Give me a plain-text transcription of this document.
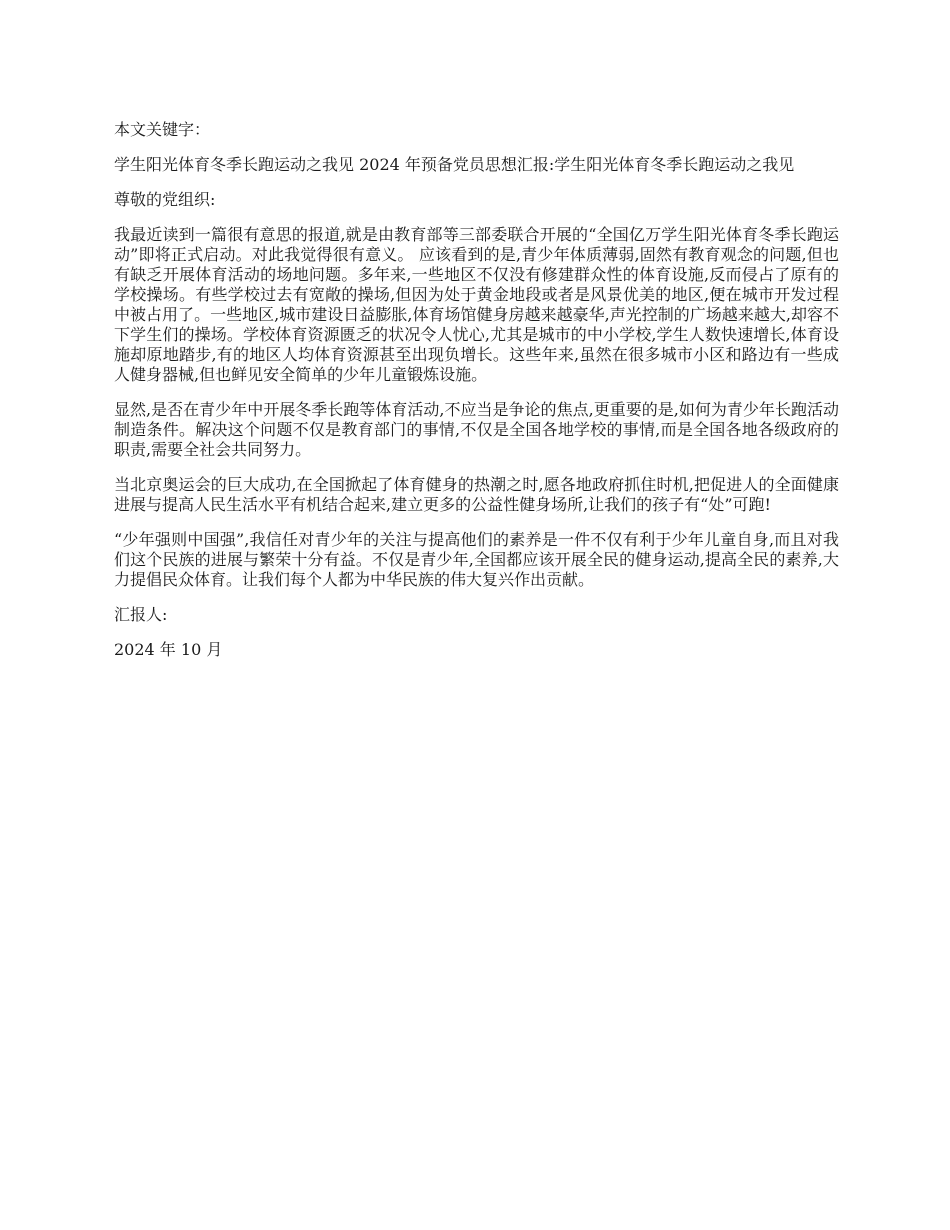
本文关键字：

学生阳光体育冬季长跑运动之我见 2024 年预备党员思想汇报:学生阳光体育冬季长跑运动之我见

尊敬的党组织:

我最近读到一篇很有意思的报道,就是由教育部等三部委联合开展的“全国亿万学生阳光体育冬季长跑运动”即将正式启动。对此我觉得很有意义。 应该看到的是,青少年体质薄弱,固然有教育观念的问题,但也有缺乏开展体育活动的场地问题。多年来,一些地区不仅没有修建群众性的体育设施,反而侵占了原有的学校操场。有些学校过去有宽敞的操场,但因为处于黄金地段或者是风景优美的地区,便在城市开发过程中被占用了。一些地区,城市建设日益膨胀,体育场馆健身房越来越豪华,声光控制的广场越来越大,却容不下学生们的操场。学校体育资源匮乏的状况令人忧心,尤其是城市的中小学校,学生人数快速增长,体育设施却原地踏步,有的地区人均体育资源甚至出现负增长。这些年来,虽然在很多城市小区和路边有一些成人健身器械,但也鲜见安全简单的少年儿童锻炼设施。

显然,是否在青少年中开展冬季长跑等体育活动,不应当是争论的焦点,更重要的是,如何为青少年长跑活动制造条件。解决这个问题不仅是教育部门的事情,不仅是全国各地学校的事情,而是全国各地各级政府的职责,需要全社会共同努力。

当北京奥运会的巨大成功,在全国掀起了体育健身的热潮之时,愿各地政府抓住时机,把促进人的全面健康进展与提高人民生活水平有机结合起来,建立更多的公益性健身场所,让我们的孩子有“处”可跑!

“少年强则中国强”,我信任对青少年的关注与提高他们的素养是一件不仅有利于少年儿童自身,而且对我们这个民族的进展与繁荣十分有益。不仅是青少年,全国都应该开展全民的健身运动,提高全民的素养,大力提倡民众体育。让我们每个人都为中华民族的伟大复兴作出贡献。

汇报人:

2024 年 10 月
